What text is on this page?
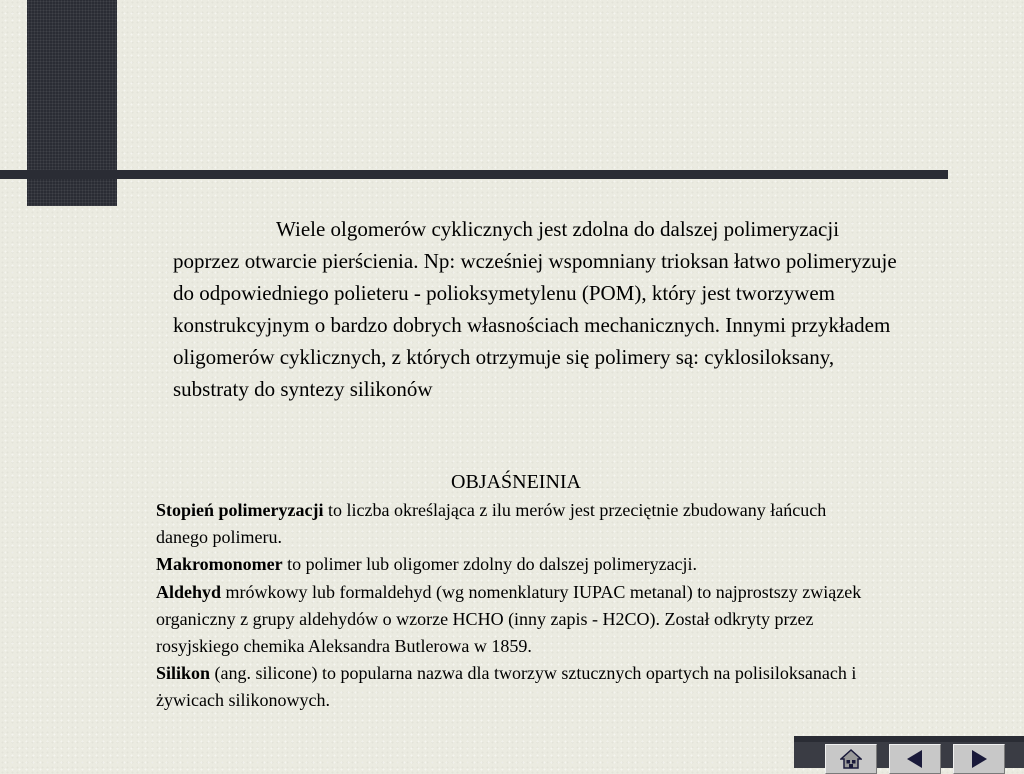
Wiele olgomerów cyklicznych jest zdolna do dalszej polimeryzacji poprzez otwarcie pierścienia. Np: wcześniej wspomniany trioksan łatwo polimeryzuje do odpowiedniego polieteru - polioksymetylenu (POM), który jest tworzywem konstrukcyjnym o bardzo dobrych własnościach mechanicznych. Innymi przykładem oligomerów cyklicznych, z których otrzymuje się polimery są: cyklosiloksany, substraty do syntezy silikonów

OBJAŚNEINIA

Stopień polimeryzacji to liczba określająca z ilu merów jest przeciętnie zbudowany łańcuch danego polimeru.
Makromonomer to polimer lub oligomer zdolny do dalszej polimeryzacji.
Aldehyd mrówkowy lub formaldehyd (wg nomenklatury IUPAC metanal) to najprostszy związek organiczny z grupy aldehydów o wzorze HCHO (inny zapis - H2CO). Został odkryty przez rosyjskiego chemika Aleksandra Butlerowa w 1859.
Silikon (ang. silicone) to popularna nazwa dla tworzyw sztucznych opartych na polisiloksanach i żywicach silikonowych.
